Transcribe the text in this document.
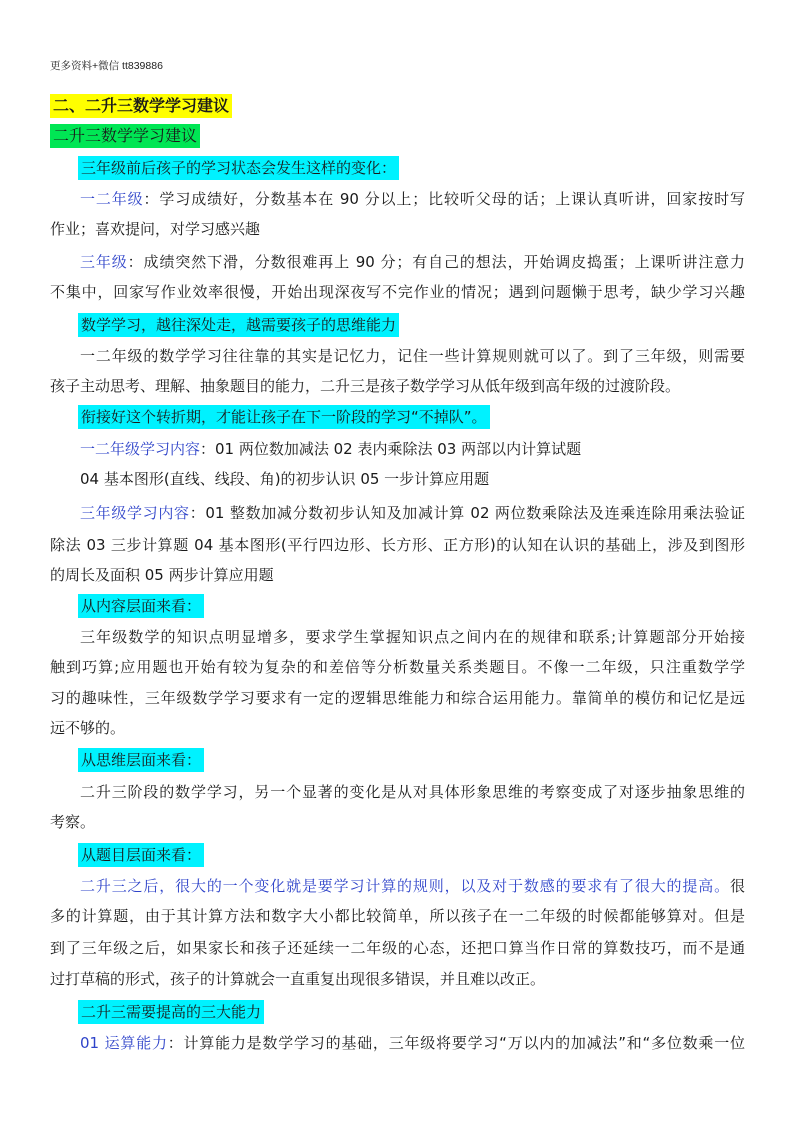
更多资料+微信 tt839886
二、二升三数学学习建议
二升三数学学习建议
三年级前后孩子的学习状态会发生这样的变化：
一二年级：学习成绩好，分数基本在 90 分以上；比较听父母的话；上课认真听讲，回家按时写
作业；喜欢提问，对学习感兴趣
三年级：成绩突然下滑，分数很难再上 90 分；有自己的想法，开始调皮捣蛋；上课听讲注意力
不集中，回家写作业效率很慢，开始出现深夜写不完作业的情况；遇到问题懒于思考，缺少学习兴趣
数学学习，越往深处走，越需要孩子的思维能力
一二年级的数学学习往往靠的其实是记忆力，记住一些计算规则就可以了。到了三年级，则需要
孩子主动思考、理解、抽象题目的能力，二升三是孩子数学学习从低年级到高年级的过渡阶段。
衔接好这个转折期，才能让孩子在下一阶段的学习“不掉队”。
一二年级学习内容：01 两位数加减法 02 表内乘除法 03 两部以内计算试题
04 基本图形(直线、线段、角)的初步认识 05 一步计算应用题
三年级学习内容：01 整数加减分数初步认知及加减计算 02 两位数乘除法及连乘连除用乘法验证
除法 03 三步计算题 04 基本图形(平行四边形、长方形、正方形)的认知在认识的基础上，涉及到图形
的周长及面积 05 两步计算应用题
从内容层面来看：
三年级数学的知识点明显增多，要求学生掌握知识点之间内在的规律和联系;计算题部分开始接
触到巧算;应用题也开始有较为复杂的和差倍等分析数量关系类题目。不像一二年级，只注重数学学
习的趣味性，三年级数学学习要求有一定的逻辑思维能力和综合运用能力。靠简单的模仿和记忆是远
远不够的。
从思维层面来看：
二升三阶段的数学学习，另一个显著的变化是从对具体形象思维的考察变成了对逐步抽象思维的
考察。
从题目层面来看：
二升三之后，很大的一个变化就是要学习计算的规则，以及对于数感的要求有了很大的提高。很
多的计算题，由于其计算方法和数字大小都比较简单，所以孩子在一二年级的时候都能够算对。但是
到了三年级之后，如果家长和孩子还延续一二年级的心态，还把口算当作日常的算数技巧，而不是通
过打草稿的形式，孩子的计算就会一直重复出现很多错误，并且难以改正。
二升三需要提高的三大能力
01 运算能力：计算能力是数学学习的基础，三年级将要学习“万以内的加减法”和“多位数乘一位
